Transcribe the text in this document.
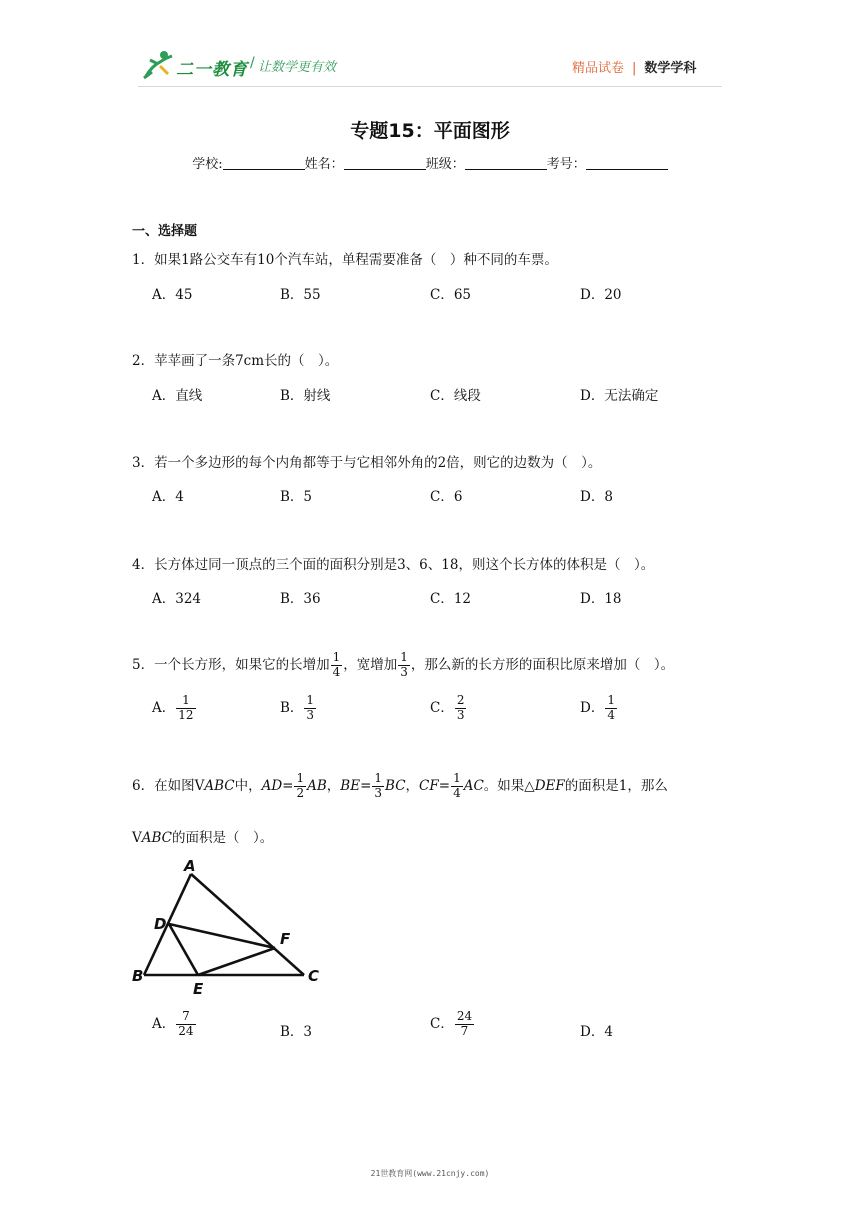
二一教育 / 让数学更有效	精品试卷 | 数学学科
专题15：平面图形
学校:	姓名：	班级：	考号：
一、选择题
1．如果1路公交车有10个汽车站，单程需要准备（　）种不同的车票。
A．45	B．55	C．65	D．20
2．苹苹画了一条7cm长的（　）。
A．直线	B．射线	C．线段	D．无法确定
3．若一个多边形的每个内角都等于与它相邻外角的2倍，则它的边数为（　）。
A．4	B．5	C．6	D．8
4．长方体过同一顶点的三个面的面积分别是3、6、18，则这个长方体的体积是（　）。
A．324	B．36	C．12	D．18
5．一个长方形，如果它的长增加 $\frac{1}{4}$ ，宽增加 $\frac{1}{3}$ ，那么新的长方形的面积比原来增加（　）。
A． $\frac{1}{12}$	B． $\frac{1}{3}$	C． $\frac{2}{3}$	D． $\frac{1}{4}$
6．在如图VABC中，$AD= \frac{1}{2}$ AB，$BE= \frac{1}{3}$ BC，$CF= \frac{1}{4}$ AC。如果△DEF的面积是1，那么
VABC的面积是（　）。
A
D
F
B
E
C
A． $\frac{7}{24}$	B．3
C． $\frac{24}{7}$	D．4
21世教育网(www.21cnjy.com)
